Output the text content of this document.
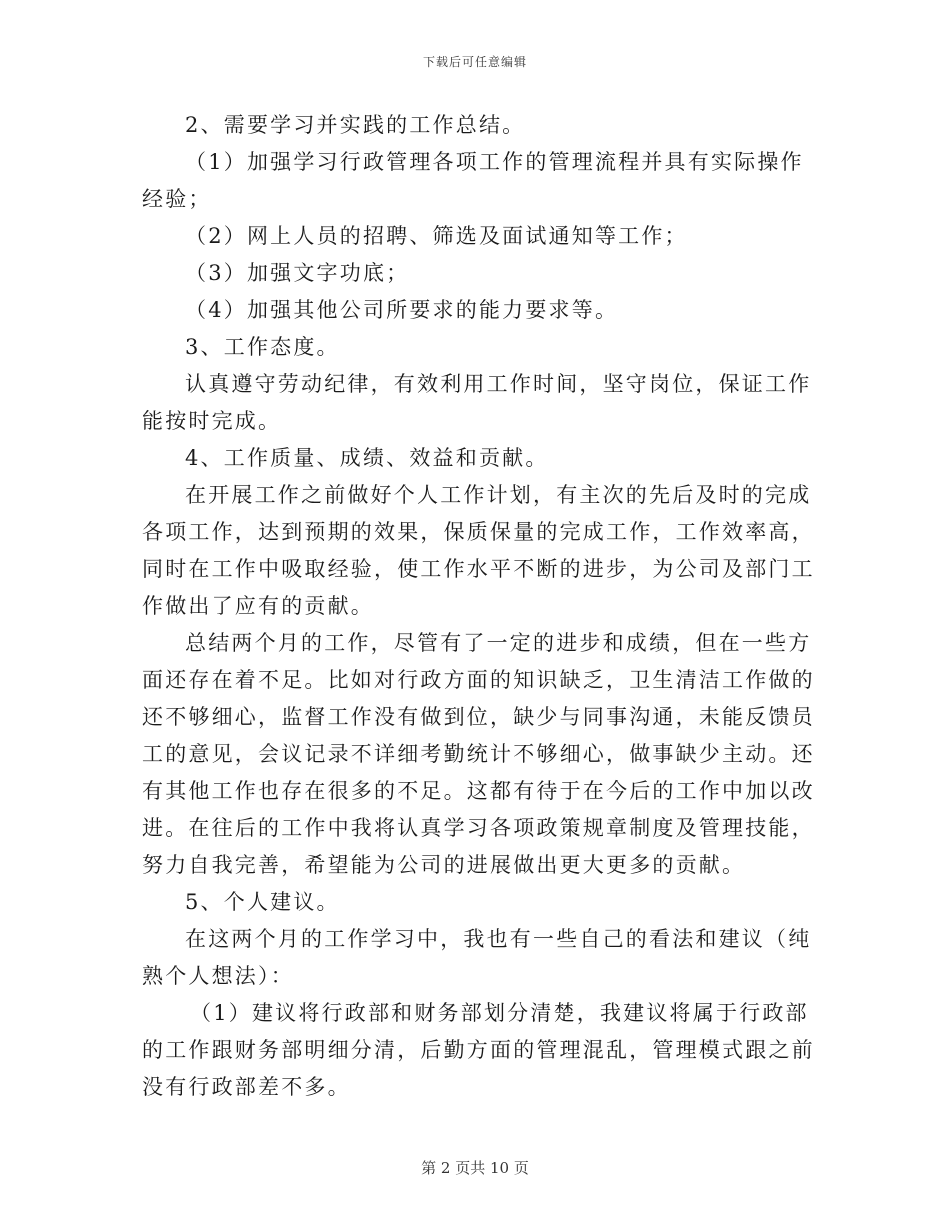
下载后可任意编辑

2、需要学习并实践的工作总结。

（1）加强学习行政管理各项工作的管理流程并具有实际操作经验；

（2）网上人员的招聘、筛选及面试通知等工作；

（3）加强文字功底；

（4）加强其他公司所要求的能力要求等。

3、工作态度。

认真遵守劳动纪律，有效利用工作时间，坚守岗位，保证工作能按时完成。

4、工作质量、成绩、效益和贡献。

在开展工作之前做好个人工作计划，有主次的先后及时的完成各项工作，达到预期的效果，保质保量的完成工作，工作效率高，同时在工作中吸取经验，使工作水平不断的进步，为公司及部门工作做出了应有的贡献。

总结两个月的工作，尽管有了一定的进步和成绩，但在一些方面还存在着不足。比如对行政方面的知识缺乏，卫生清洁工作做的还不够细心，监督工作没有做到位，缺少与同事沟通，未能反馈员工的意见，会议记录不详细考勤统计不够细心，做事缺少主动。还有其他工作也存在很多的不足。这都有待于在今后的工作中加以改进。在往后的工作中我将认真学习各项政策规章制度及管理技能，努力自我完善，希望能为公司的进展做出更大更多的贡献。

5、个人建议。

在这两个月的工作学习中，我也有一些自己的看法和建议（纯熟个人想法）：

（1）建议将行政部和财务部划分清楚，我建议将属于行政部的工作跟财务部明细分清，后勤方面的管理混乱，管理模式跟之前没有行政部差不多。

第 2 页共 10 页
